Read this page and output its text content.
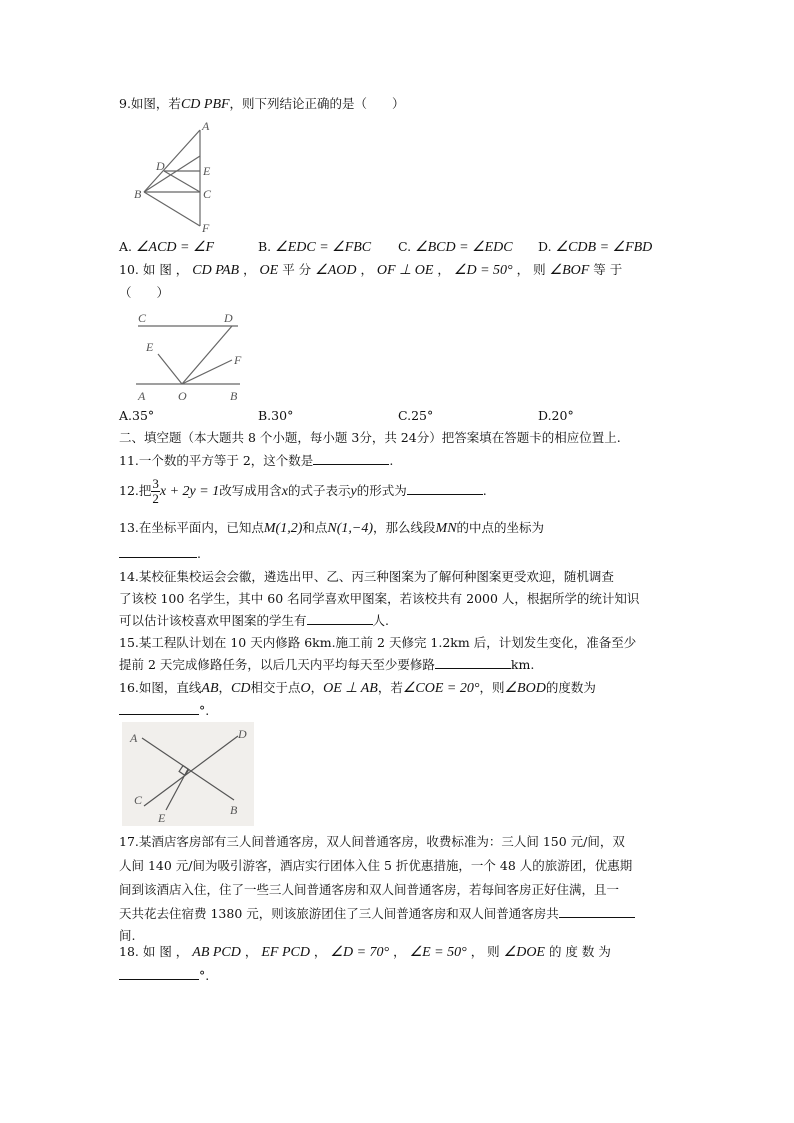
9.如图，若CD PBF，则下列结论正确的是（　　）
A
D	E
B	C
F
A. ∠ACD = ∠F	B. ∠EDC = ∠FBC C. ∠BCD = ∠EDC D. ∠CDB = ∠FBD
10. 如 图 ， CD PAB ， OE 平 分 ∠AOD ， OF ⊥ OE ， ∠D = 50° ， 则 ∠BOF 等 于
（　　）
C	D
E
F
A	O	B
A.35°	B.30°	C.25°	D.20°
二、填空题（本大题共 8 个小题，每小题 3分，共 24分）把答案填在答题卡的相应位置上.
11.一个数的平方等于 2，这个数是	.
12.把 $\frac{3}{2}$ x + 2y = 1改写成用含x的式子表示y的形式为	.
13.在坐标平面内，已知点M(1,2)和点N(1,−4)，那么线段MN的中点的坐标为
.
14.某校征集校运会会徽，遴选出甲、乙、丙三种图案为了解何种图案更受欢迎，随机调查
了该校 100 名学生，其中 60 名同学喜欢甲图案，若该校共有 2000 人，根据所学的统计知识
可以估计该校喜欢甲图案的学生有	人.
15.某工程队计划在 10 天内修路 6km.施工前 2 天修完 1.2km 后，计划发生变化，准备至少
提前 2 天完成修路任务，以后几天内平均每天至少要修路	km.
16.如图，直线AB，CD相交于点O，OE ⊥ AB，若∠COE = 20°，则∠BOD的度数为
°.
A	D
C
E
B
17.某酒店客房部有三人间普通客房，双人间普通客房，收费标准为：三人间 150 元/间，双
人间 140 元/间为吸引游客，酒店实行团体入住 5 折优惠措施，一个 48 人的旅游团，优惠期
间到该酒店入住，住了一些三人间普通客房和双人间普通客房，若每间客房正好住满，且一
天共花去住宿费 1380 元，则该旅游团住了三人间普通客房和双人间普通客房共
间.
18. 如 图 ， AB PCD ， EF PCD ， ∠D = 70° ， ∠E = 50° ， 则 ∠DOE 的 度 数 为
°.
